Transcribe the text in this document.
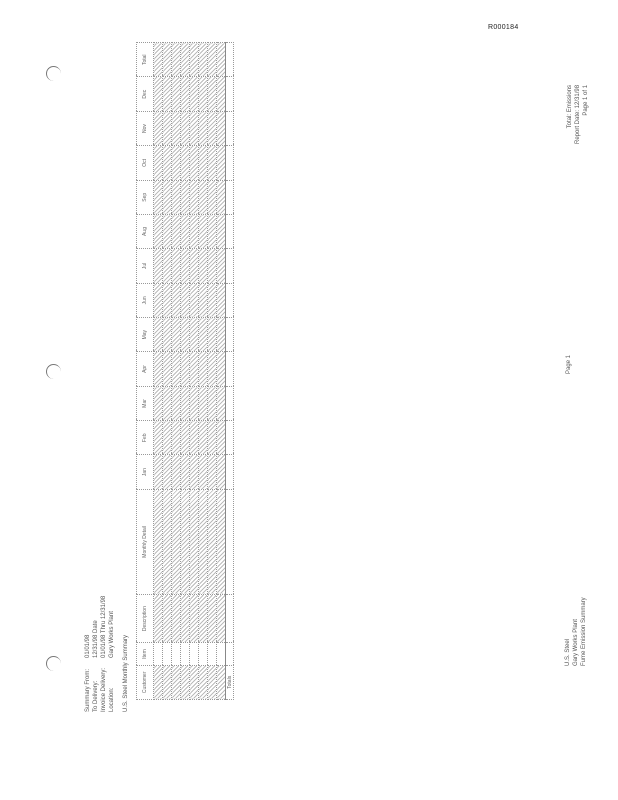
R000184
Summary From:
01/01/98
To Delivery:
12/31/98 Date
Invoice Delivery:
01/01/98 Thru 12/31/98
Location:
Gary Works Plant
U.S. Steel Monthly Summary	Customer	Item	Description	Monthly Detail	Jan	Feb	Mar	Apr	May	Jun	Jul	Aug	Sep	Oct	Nov	Dec	Total

Totals																
U.S. Steel Gary Works Plant Fume Emission Summary
Page 1
Total: Emissions Report Date: 12/31/98 Page 1 of 1
